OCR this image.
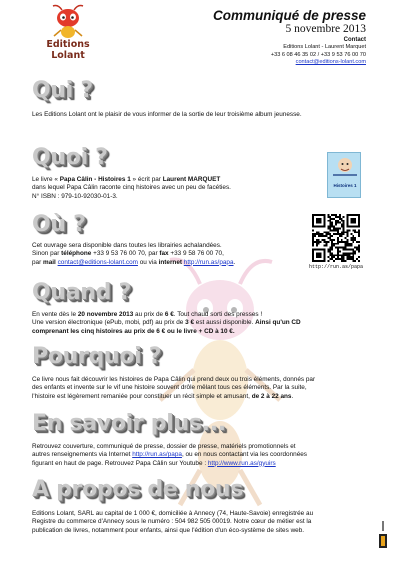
Editions Lolant
Communiqué de presse
5 novembre 2013
Contact
Editions Lolant - Laurent Marquet
+33 6 08 46 35 02 / +33 9 53 76 00 70
contact@editions-lolant.com
Qui ?
Les Editions Lolant ont le plaisir de vous informer de la sortie de leur troisième album jeunesse.
Quoi ?
Le livre « Papa Câlin - Histoires 1 » écrit par Laurent MARQUET
dans lequel Papa Câlin raconte cinq histoires avec un peu de facéties.
N° ISBN : 979-10-92030-01-3.
Histoires 1
Où ?
Cet ouvrage sera disponible dans toutes les librairies achalandées.
Sinon par téléphone +33 9 53 76 00 70, par fax +33 9 58 76 00 70,
par mail contact@editions-lolant.com ou via internet http://run.as/papa.
http://run.as/papa
Quand ?
En vente dès le 20 novembre 2013 au prix de 6 €. Tout chaud sorti des presses !
Une version électronique (ePub, mobi, pdf) au prix de 3 € est aussi disponible. Ainsi qu'un CD
comprenant les cinq histoires au prix de 6 € ou le livre + CD à 10 €.
Pourquoi ?
Ce livre nous fait découvrir les histoires de Papa Câlin qui prend deux ou trois éléments, donnés par
des enfants et invente sur le vif une histoire souvent drôle mêlant tous ces éléments. Par la suite,
l'histoire est légèrement remaniée pour constituer un récit simple et amusant, de 2 à 22 ans.
En savoir plus...
Retrouvez couverture, communiqué de presse, dossier de presse, matériels promotionnels et
autres renseignements via Internet http://run.as/papa, ou en nous contactant via les coordonnées
figurant en haut de page. Retrouvez Papa Câlin sur Youtube : http://www.run.as/gyuirs
A propos de nous
Editions Lolant, SARL au capital de 1 000 €, domiciliée à Annecy (74, Haute-Savoie) enregistrée au
Registre du commerce d'Annecy sous le numéro : 504 982 505 00019. Notre cœur de métier est la
publication de livres, notamment pour enfants, ainsi que l'édition d'un éco-système de sites web.
